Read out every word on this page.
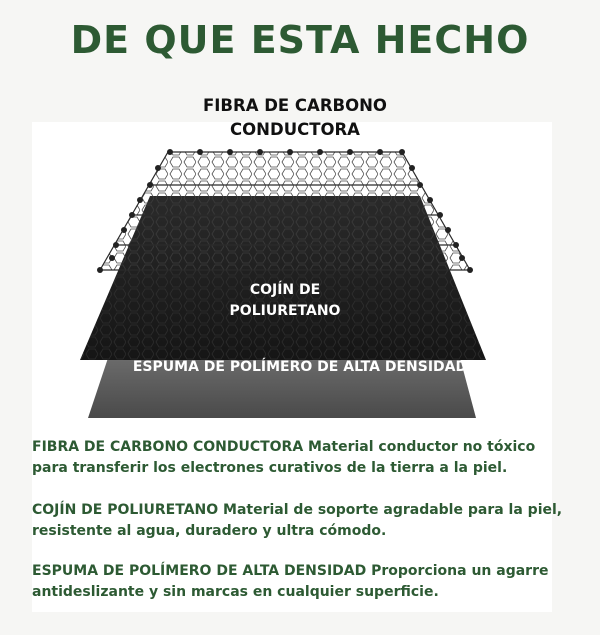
DE QUE ESTA HECHO
FIBRA DE CARBONO CONDUCTORA
COJÍN DE POLIURETANO
ESPUMA DE POLÍMERO DE ALTA DENSIDAD

FIBRA DE CARBONO CONDUCTORA Material conductor no tóxico para transferir los electrones curativos de la tierra a la piel.

COJÍN DE POLIURETANO Material de soporte agradable para la piel, resistente al agua, duradero y ultra cómodo.

ESPUMA DE POLÍMERO DE ALTA DENSIDAD Proporciona un agarre antideslizante y sin marcas en cualquier superficie.
